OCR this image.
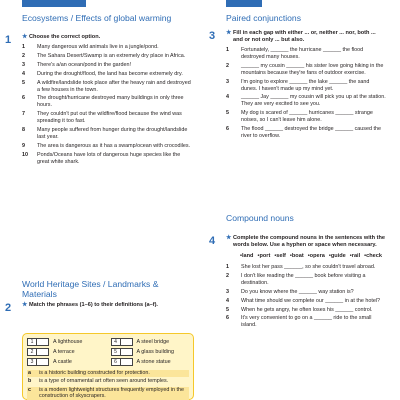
Ecosystems / Effects of global warming
1 ★ Choose the correct option.
1 Many dangerous wild animals live in a jungle/pond.
2 The Sahara Desert/Swamp is an extremely dry place in Africa.
3 There's a/an ocean/pond in the garden!
4 During the drought/flood, the land has become extremely dry.
5 A wildfire/landslide took place after the heavy rain and destroyed a few houses in the town.
6 The drought/hurricane destroyed many buildings in only three hours.
7 They couldn't put out the wildfire/flood because the wind was spreading it too fast.
8 Many people suffered from hunger during the drought/landslide last year.
9 The area is dangerous as it has a swamp/ocean with crocodiles.
10 Ponds/Oceans have lots of dangerous huge species like the great white shark.
World Heritage Sites / Landmarks & Materials
2 ★ Match the phrases (1–6) to their definitions (a–f).
1	A lighthouse	4	A steel bridge
2	A terrace	5	A glass building
3	A castle	6	A stone statue
a is a historic building constructed for protection.
b is a type of ornamental art often seen around temples.
c is a modern lightweight structures frequently employed in the construction of skyscrapers.
Paired conjunctions
3 ★ Fill in each gap with either ... or, neither ... nor, both ... and or not only ... but also.
1 Fortunately, ______ the hurricane ______ the flood destroyed many houses.
2 ______ my cousin ______ his sister love going hiking in the mountains because they're fans of outdoor exercise.
3 I'm going to explore ______ the lake ______ the sand dunes. I haven't made up my mind yet.
4 ______ Jay ______ my cousin will pick you up at the station. They are very excited to see you.
5 My dog is scared of ______ hurricanes ______ strange noises, so I can't leave him alone.
6 The flood ______ destroyed the bridge ______ caused the river to overflow.
Compound nouns
4 ★ Complete the compound nouns in the sentences with the words below. Use a hyphen or space when necessary.
•land •port •self •boat •opera •guide •rail •check
1 She lost her pass ______, so she couldn't travel abroad.
2 I don't like reading the ______ book before visiting a destination.
3 Do you know where the ______ way station is?
4 What time should we complete our ______ in at the hotel?
5 When he gets angry, he often loses his ______ control.
6 It's very convenient to go on a ______ ride to the small island.
